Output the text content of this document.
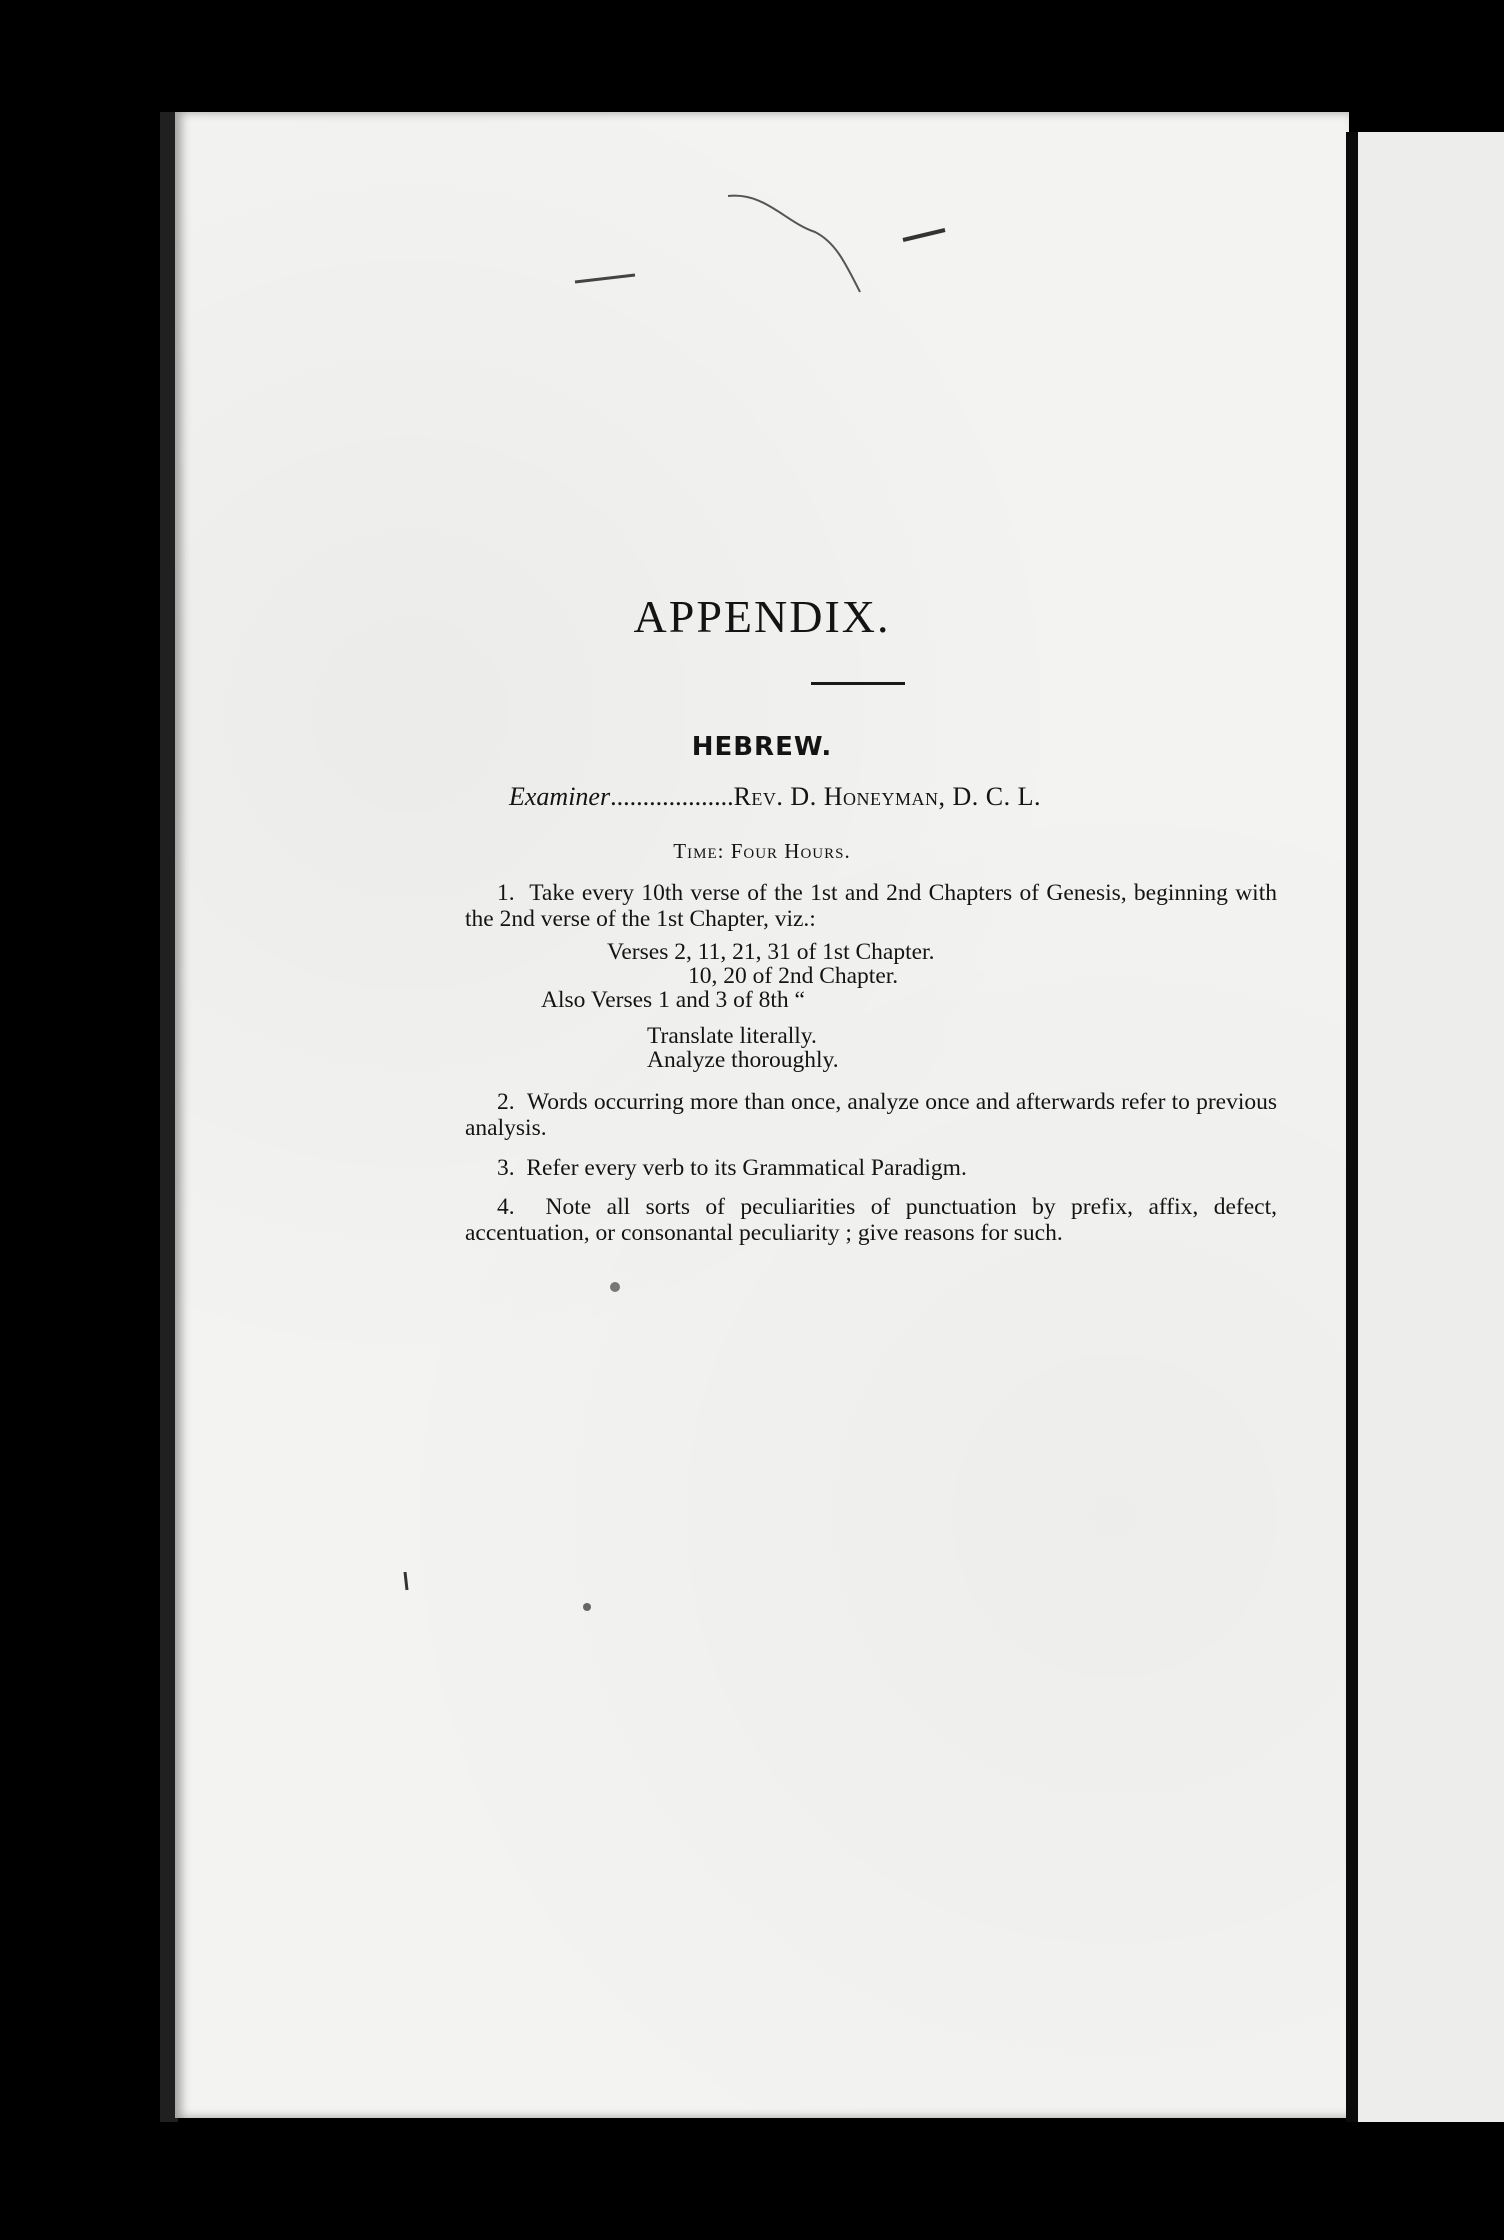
APPENDIX.
HEBREW.
Examiner...................Rev. D. Honeyman, D. C. L.
Time: Four Hours.
1. Take every 10th verse of the 1st and 2nd Chapters of Genesis, beginning with the 2nd verse of the 1st Chapter, viz.:
Verses 2, 11, 21, 31 of 1st Chapter.
10, 20 of 2nd Chapter.
Also Verses 1 and 3 of 8th “
Translate literally.
Analyze thoroughly.
2. Words occurring more than once, analyze once and afterwards refer to previous analysis.
3. Refer every verb to its Grammatical Paradigm.
4. Note all sorts of peculiarities of punctuation by prefix, affix, defect, accentuation, or consonantal peculiarity ; give reasons for such.
